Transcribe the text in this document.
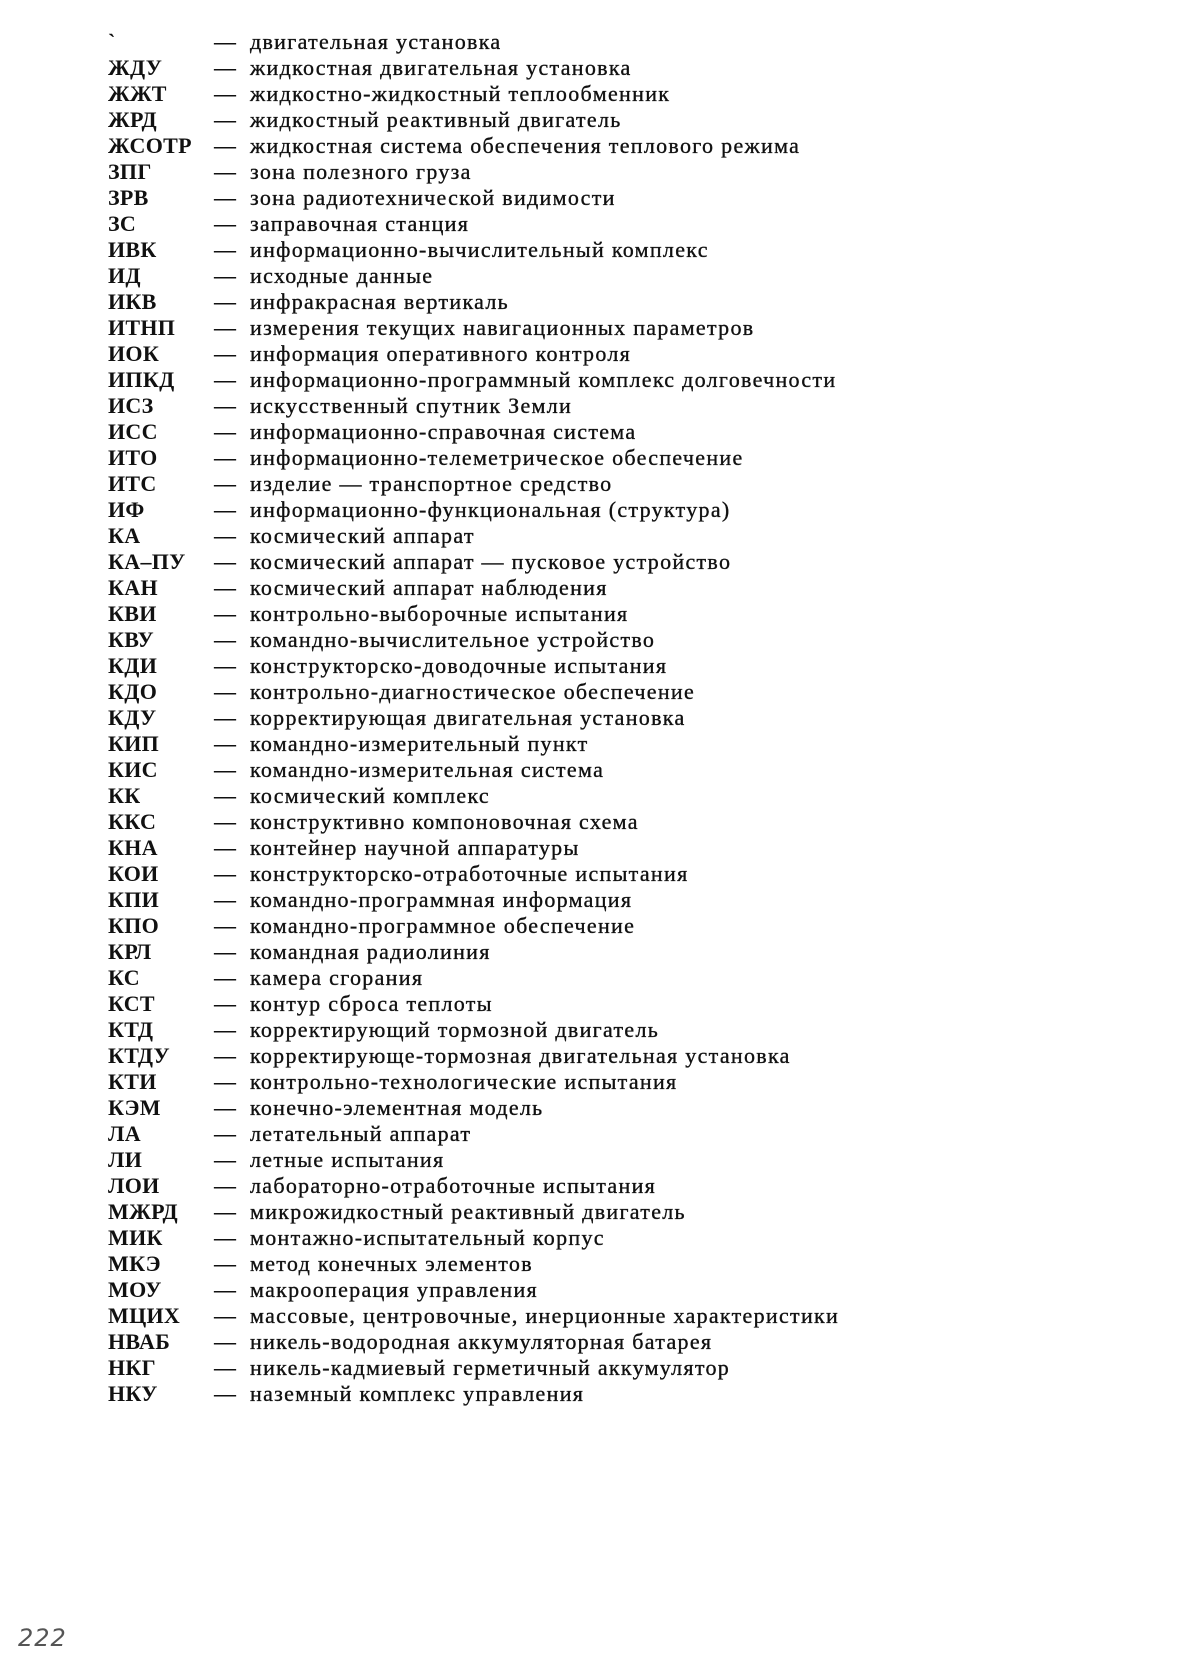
`	— двигательная установка
ЖДУ — жидкостная двигательная установка
ЖЖТ — жидкостно-жидкостный теплообменник
ЖРД	— жидкостный реактивный двигатель
ЖСОТР — жидкостная система обеспечения теплового режима
ЗПГ	— зона полезного груза
ЗРВ	— зона радиотехнической видимости
ЗС	— заправочная станция
ИВК	— информационно-вычислительный комплекс
ИД	— исходные данные
ИКВ	— инфракрасная вертикаль
ИТНП — измерения текущих навигационных параметров
ИОК — информация оперативного контроля
ИПКД — информационно-программный комплекс долговечности
ИСЗ	— искусственный спутник Земли
ИСС	— информационно-справочная система
ИТО	— информационно-телеметрическое обеспечение
ИТС	— изделие — транспортное средство
ИФ	— информационно-функциональная (структура)
КА	— космический аппарат
КА–ПУ — космический аппарат — пусковое устройство
КАН	— космический аппарат наблюдения
КВИ	— контрольно-выборочные испытания
КВУ	— командно-вычислительное устройство
КДИ	— конструкторско-доводочные испытания
КДО	— контрольно-диагностическое обеспечение
КДУ	— корректирующая двигательная установка
КИП — командно-измерительный пункт
КИС	— командно-измерительная система
КК	— космический комплекс
ККС	— конструктивно компоновочная схема
КНА	— контейнер научной аппаратуры
КОИ	— конструкторско-отработочные испытания
КПИ — командно-программная информация
КПО — командно-программное обеспечение
КРЛ	— командная радиолиния
КС	— камера сгорания
КСТ	— контур сброса теплоты
КТД	— корректирующий тормозной двигатель
КТДУ — корректирующе-тормозная двигательная установка
КТИ	— контрольно-технологические испытания
КЭМ — конечно-элементная модель
ЛА	— летательный аппарат
ЛИ	— летные испытания
ЛОИ — лабораторно-отработочные испытания
МЖРД — микрожидкостный реактивный двигатель
МИК — монтажно-испытательный корпус
МКЭ — метод конечных элементов
МОУ — макрооперация управления
МЦИХ — массовые, центровочные, инерционные характеристики
НВАБ — никель-водородная аккумуляторная батарея
НКГ	— никель-кадмиевый герметичный аккумулятор
НКУ	— наземный комплекс управления
222
